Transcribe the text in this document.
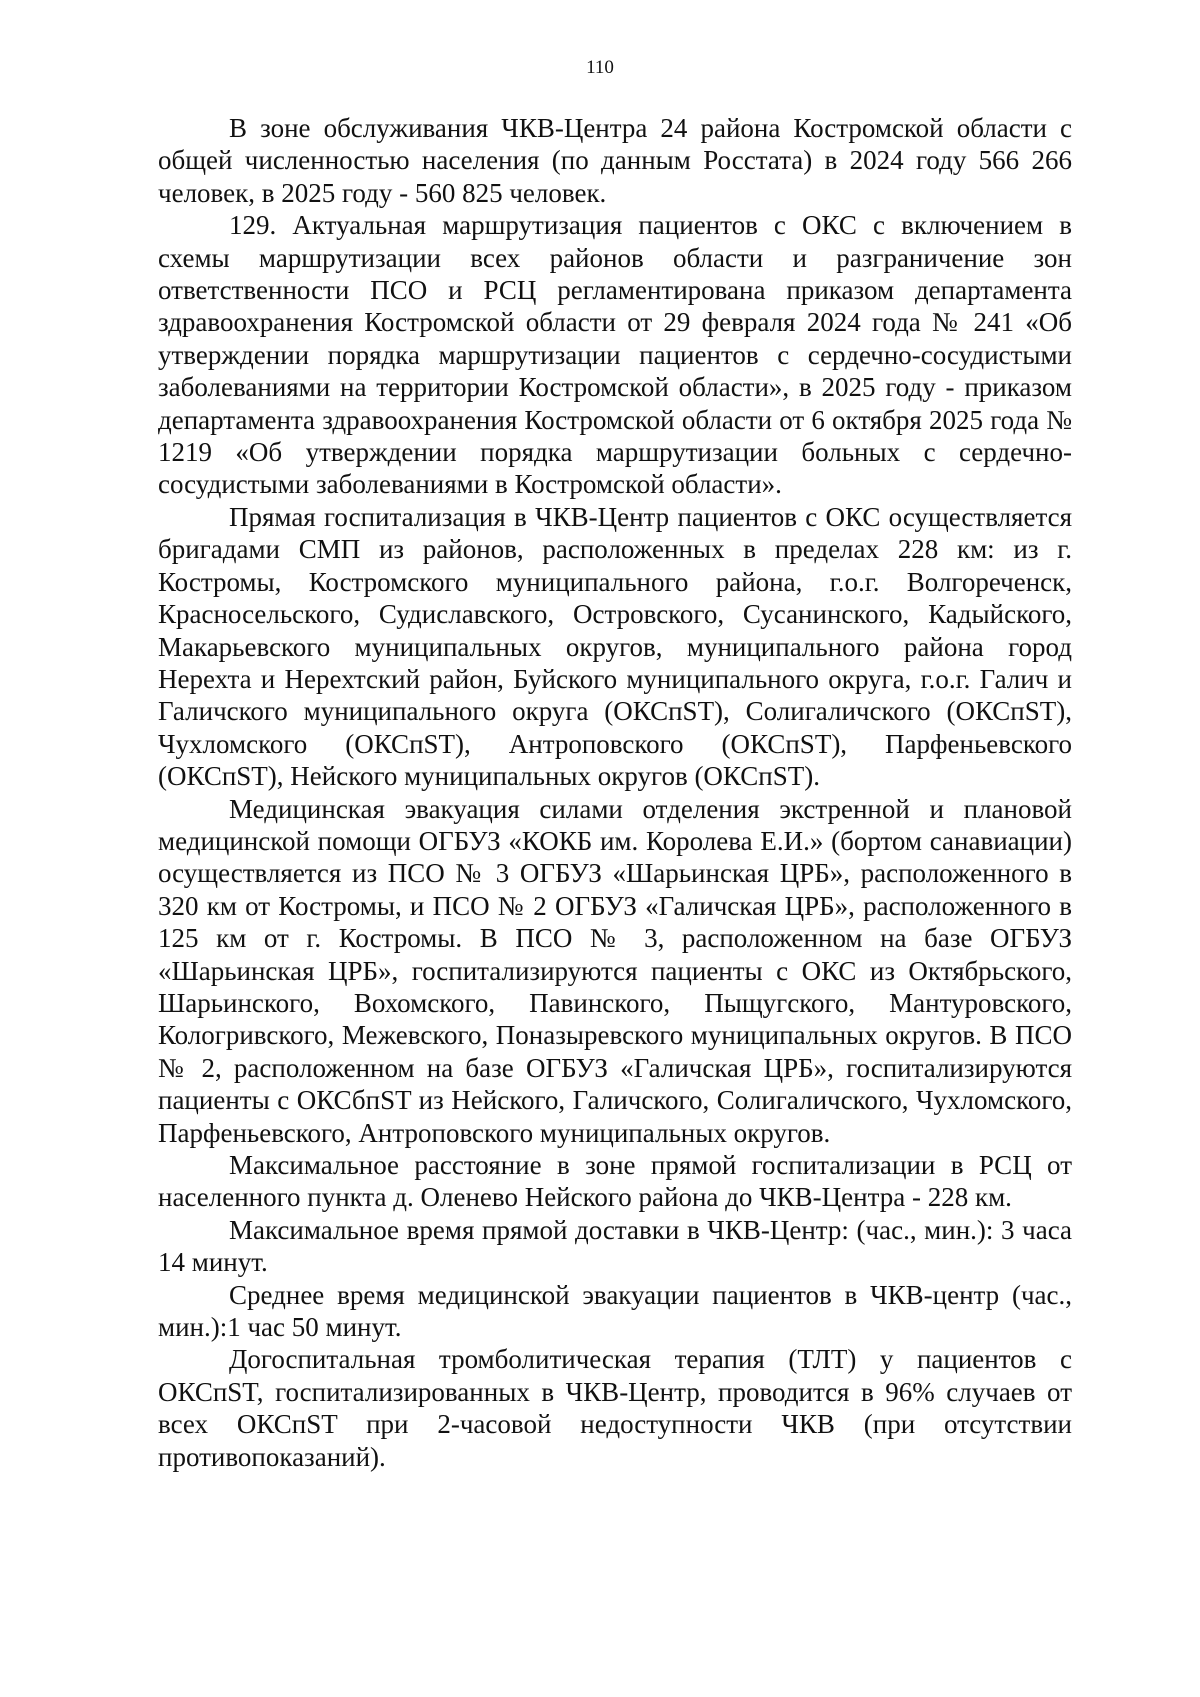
110

В зоне обслуживания ЧКВ-Центра 24 района Костромской области с общей численностью населения (по данным Росстата) в 2024 году 566 266 человек, в 2025 году - 560 825 человек.

129. Актуальная маршрутизация пациентов с ОКС с включением в схемы маршрутизации всех районов области и разграничение зон ответственности ПСО и РСЦ регламентирована приказом департамента здравоохранения Костромской области от 29 февраля 2024 года № 241 «Об утверждении порядка маршрутизации пациентов с сердечно-сосудистыми заболеваниями на территории Костромской области», в 2025 году - приказом департамента здравоохранения Костромской области от 6 октября 2025 года № 1219 «Об утверждении порядка маршрутизации больных с сердечно-сосудистыми заболеваниями в Костромской области».

Прямая госпитализация в ЧКВ-Центр пациентов с ОКС осуществляется бригадами СМП из районов, расположенных в пределах 228 км: из г. Костромы, Костромского муниципального района, г.о.г. Волгореченск, Красносельского, Судиславского, Островского, Сусанинского, Кадыйского, Макарьевского муниципальных округов, муниципального района город Нерехта и Нерехтский район, Буйского муниципального округа, г.о.г. Галич и Галичского муниципального округа (ОКСпST), Солигаличского (ОКСпST), Чухломского (ОКСпST), Антроповского (ОКСпST), Парфеньевского (ОКСпST), Нейского муниципальных округов (ОКСпST).

Медицинская эвакуация силами отделения экстренной и плановой медицинской помощи ОГБУЗ «КОКБ им. Королева Е.И.» (бортом санавиации) осуществляется из ПСО № 3 ОГБУЗ «Шарьинская ЦРБ», расположенного в 320 км от Костромы, и ПСО № 2 ОГБУЗ «Галичская ЦРБ», расположенного в 125 км от г. Костромы. В ПСО № 3, расположенном на базе ОГБУЗ «Шарьинская ЦРБ», госпитализируются пациенты с ОКС из Октябрьского, Шарьинского, Вохомского, Павинского, Пыщугского, Мантуровского, Кологривского, Межевского, Поназыревского муниципальных округов. В ПСО № 2, расположенном на базе ОГБУЗ «Галичская ЦРБ», госпитализируются пациенты с ОКСбпST из Нейского, Галичского, Солигаличского, Чухломского, Парфеньевского, Антроповского муниципальных округов.

Максимальное расстояние в зоне прямой госпитализации в РСЦ от населенного пункта д. Оленево Нейского района до ЧКВ-Центра - 228 км.

Максимальное время прямой доставки в ЧКВ-Центр: (час., мин.): 3 часа 14 минут.

Среднее время медицинской эвакуации пациентов в ЧКВ-центр (час., мин.):1 час 50 минут.

Догоспитальная тромболитическая терапия (ТЛТ) у пациентов с ОКСпST, госпитализированных в ЧКВ-Центр, проводится в 96% случаев от всех ОКСпST при 2-часовой недоступности ЧКВ (при отсутствии противопоказаний).
